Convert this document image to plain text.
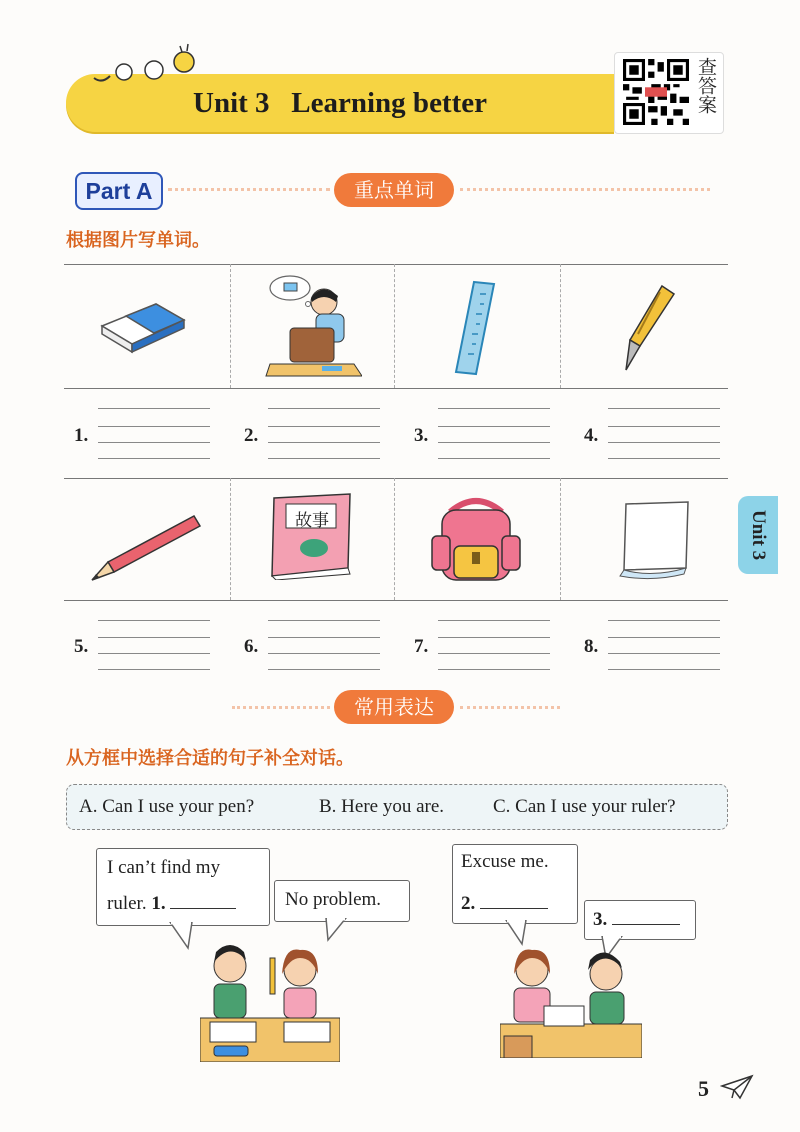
Unit 3   Learning better	查答案
Part A	重点单词
根据图片写单词。
1.	2.	3.	4.
故事
5.	6.	7.	8.
Unit 3
常用表达
从方框中选择合适的句子补全对话。
A. Can I use your pen?	B. Here you are.	C. Can I use your ruler?
I can’t find my
ruler. 1.	No problem.
Excuse me.
2.
3.
5
